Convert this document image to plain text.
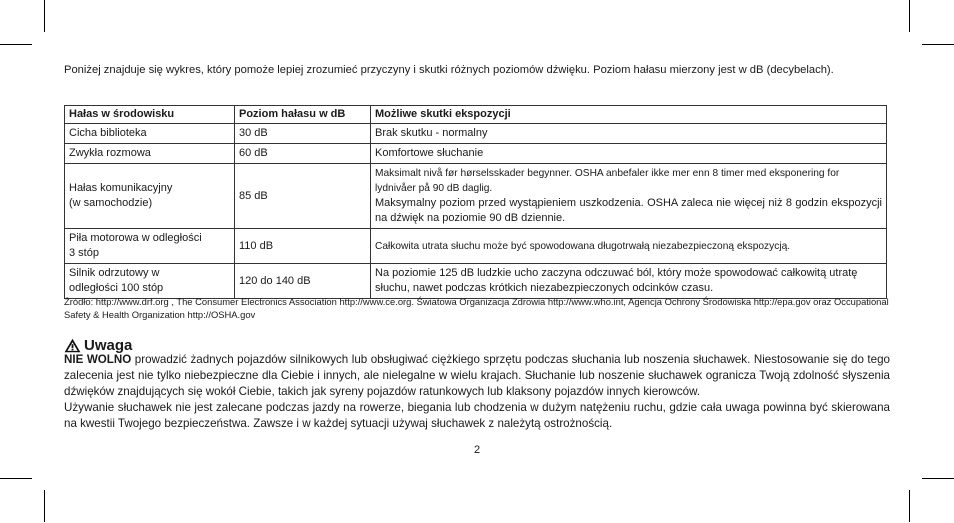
Poniżej znajduje się wykres, który pomoże lepiej zrozumieć przyczyny i skutki różnych poziomów dźwięku. Poziom hałasu mierzony jest w dB (decybelach).
Hałas w środowisku	Poziom hałasu w dB	Możliwe skutki ekspozycji
Cicha biblioteka	30 dB	Brak skutku - normalny
Zwykła rozmowa	60 dB	Komfortowe słuchanie

Hałas komunikacyjny
(w samochodzie)	85 dB	Maksimalt nivå før hørselsskader begynner. OSHA anbefaler ikke mer enn 8 timer med eksponering for lydnivåer på 90 dB daglig.
Maksymalny poziom przed wystąpieniem uszkodzenia. OSHA zaleca nie więcej niż 8 godzin ekspozycji na dźwięk na poziomie 90 dB dziennie.

Piła motorowa w odległości
3 stóp	110 dB	Całkowita utrata słuchu może być spowodowana długotrwałą niezabezpieczoną ekspozycją.

Silnik odrzutowy w
odległości 100 stóp	120 do 140 dB	Na poziomie 125 dB ludzkie ucho zaczyna odczuwać ból, który może spowodować całkowitą utratę słuchu, nawet podczas krótkich niezabezpieczonych odcinków czasu.
Źródło: http://www.drf.org , The Consumer Electronics Association http://www.ce.org. Światowa Organizacja Zdrowia http://www.who.int, Agencja Ochrony Środowiska http://epa.gov oraz Occupational Safety & Health Organization http://OSHA.gov
Uwaga

NIE WOLNO prowadzić żadnych pojazdów silnikowych lub obsługiwać ciężkiego sprzętu podczas słuchania lub noszenia słuchawek. Niestosowanie się do tego zalecenia jest nie tylko niebezpieczne dla Ciebie i innych, ale nielegalne w wielu krajach. Słuchanie lub noszenie słuchawek ogranicza Twoją zdolność słyszenia dźwięków znajdujących się wokół Ciebie, takich jak syreny pojazdów ratunkowych lub klaksony pojazdów innych kierowców.

Używanie słuchawek nie jest zalecane podczas jazdy na rowerze, biegania lub chodzenia w dużym natężeniu ruchu, gdzie cała uwaga powinna być skierowana na kwestii Twojego bezpieczeństwa. Zawsze i w każdej sytuacji używaj słuchawek z należytą ostrożnością.

2
